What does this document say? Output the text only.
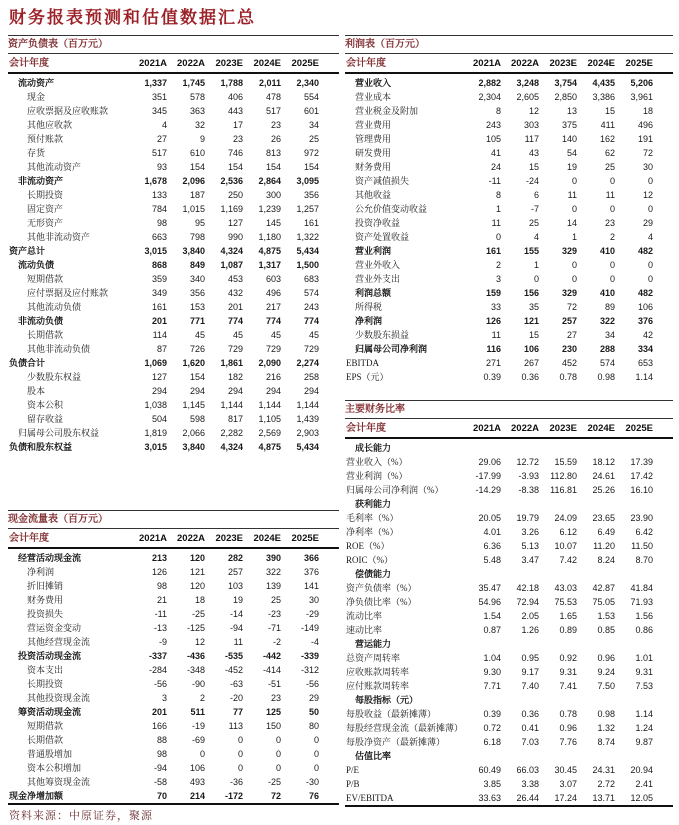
财务报表预测和估值数据汇总
资产负债表（百万元）
会计年度	2021A	2022A	2023E	2024E	2025E
流动资产	1,337	1,745	1,788	2,011	2,340
现金	351	578	406	478	554
应收票据及应收账款	345	363	443	517	601
其他应收款	4	32	17	23	34
预付账款	27	9	23	26	25
存货	517	610	746	813	972
其他流动资产	93	154	154	154	154
非流动资产	1,678	2,096	2,536	2,864	3,095
长期投资	133	187	250	300	356
固定资产	784	1,015	1,169	1,239	1,257
无形资产	98	95	127	145	161
其他非流动资产	663	798	990	1,180	1,322
资产总计	3,015	3,840	4,324	4,875	5,434
流动负债	868	849	1,087	1,317	1,500
短期借款	359	340	453	603	683
应付票据及应付账款	349	356	432	496	574
其他流动负债	161	153	201	217	243
非流动负债	201	771	774	774	774
长期借款	114	45	45	45	45
其他非流动负债	87	726	729	729	729
负债合计	1,069	1,620	1,861	2,090	2,274
少数股东权益	127	154	182	216	258
股本	294	294	294	294	294
资本公积	1,038	1,145	1,144	1,144	1,144
留存收益	504	598	817	1,105	1,439
归属母公司股东权益	1,819	2,066	2,282	2,569	2,903
负债和股东权益	3,015	3,840	4,324	4,875	5,434
利润表（百万元）
会计年度	2021A	2022A	2023E	2024E	2025E
营业收入	2,882	3,248	3,754	4,435	5,206
营业成本	2,304	2,605	2,850	3,386	3,961
营业税金及附加	8	12	13	15	18
营业费用	243	303	375	411	496
管理费用	105	117	140	162	191
研发费用	41	43	54	62	72
财务费用	24	15	19	25	30
资产减值损失	-11	-24	0	0	0
其他收益	8	6	11	11	12
公允价值变动收益	1	-7	0	0	0
投资净收益	11	25	14	23	29
资产处置收益	0	4	1	2	4
营业利润	161	155	329	410	482
营业外收入	2	1	0	0	0
营业外支出	3	0	0	0	0
利润总额	159	156	329	410	482
所得税	33	35	72	89	106
净利润	126	121	257	322	376
少数股东损益	11	15	27	34	42
归属母公司净利润	116	106	230	288	334
EBITDA	271	267	452	574	653
EPS（元）	0.39	0.36	0.78	0.98	1.14
现金流量表（百万元）
会计年度	2021A	2022A	2023E	2024E	2025E
经营活动现金流	213	120	282	390	366
净利润	126	121	257	322	376
折旧摊销	98	120	103	139	141
财务费用	21	18	19	25	30
投资损失	-11	-25	-14	-23	-29
营运资金变动	-13	-125	-94	-71	-149
其他经营现金流	-9	12	11	-2	-4
投资活动现金流	-337	-436	-535	-442	-339
资本支出	-284	-348	-452	-414	-312
长期投资	-56	-90	-63	-51	-56
其他投资现金流	3	2	-20	23	29
筹资活动现金流	201	511	77	125	50
短期借款	166	-19	113	150	80
长期借款	88	-69	0	0	0
普通股增加	98	0	0	0	0
资本公积增加	-94	106	0	0	0
其他筹资现金流	-58	493	-36	-25	-30
现金净增加额	70	214	-172	72	76
主要财务比率
会计年度	2021A	2022A	2023E	2024E	2025E
成长能力
营业收入（%）	29.06	12.72	15.59	18.12	17.39
营业利润（%）	-17.99	-3.93	112.80	24.61	17.42
归属母公司净利润（%）	-14.29	-8.38	116.81	25.26	16.10
获利能力
毛利率（%）	20.05	19.79	24.09	23.65	23.90
净利率（%）	4.01	3.26	6.12	6.49	6.42
ROE（%）	6.36	5.13	10.07	11.20	11.50
ROIC（%）	5.48	3.47	7.42	8.24	8.70
偿债能力
资产负债率（%）	35.47	42.18	43.03	42.87	41.84
净负债比率（%）	54.96	72.94	75.53	75.05	71.93
流动比率	1.54	2.05	1.65	1.53	1.56
速动比率	0.87	1.26	0.89	0.85	0.86
营运能力
总资产周转率	1.04	0.95	0.92	0.96	1.01
应收账款周转率	9.30	9.17	9.31	9.24	9.31
应付账款周转率	7.71	7.40	7.41	7.50	7.53
每股指标（元）
每股收益（最新摊薄）	0.39	0.36	0.78	0.98	1.14
每股经营现金流（最新摊薄）	0.72	0.41	0.96	1.32	1.24
每股净资产（最新摊薄）	6.18	7.03	7.76	8.74	9.87
估值比率
P/E	60.49	66.03	30.45	24.31	20.94
P/B	3.85	3.38	3.07	2.72	2.41
EV/EBITDA	33.63	26.44	17.24	13.71	12.05
资料来源：中原证券，聚源
